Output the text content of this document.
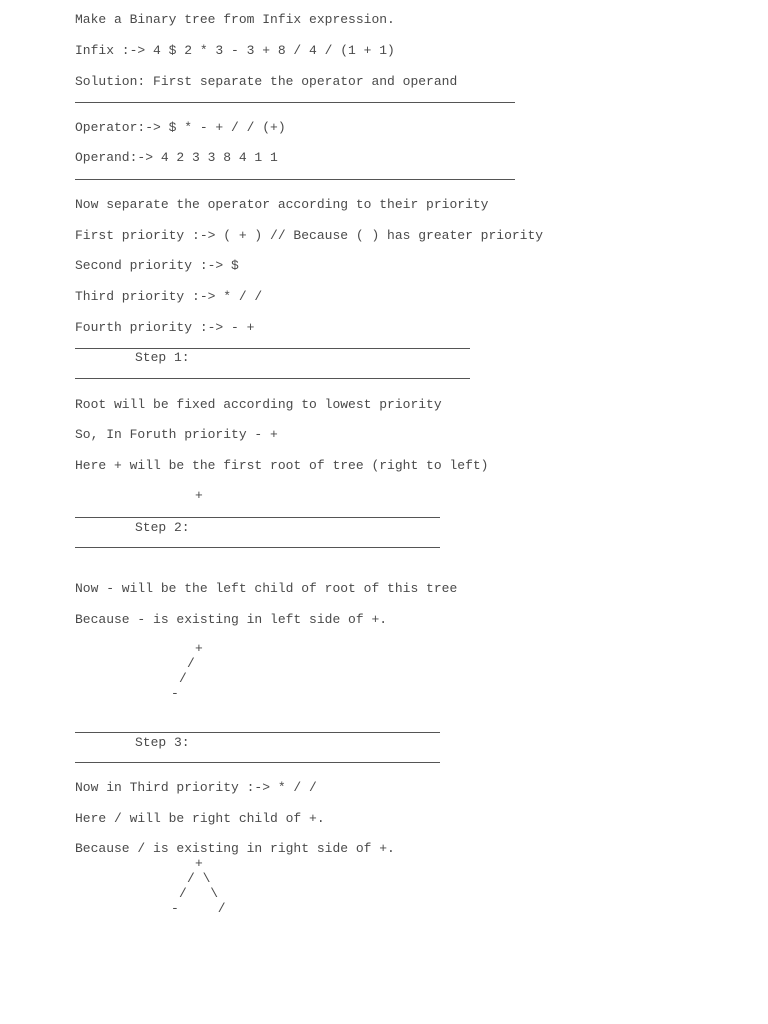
Make a Binary tree from Infix expression.
Infix :-> 4 $ 2 * 3 - 3 + 8 / 4 / (1 + 1)
Solution: First separate the operator and operand
Operator:-> $ * - + / / (+)
Operand:-> 4 2 3 3 8 4 1 1
Now separate the operator according to their priority
First priority :-> ( + ) // Because ( ) has greater priority
Second priority :-> $
Third priority :-> * / /
Fourth priority :-> - +
Step 1:
Root will be fixed according to lowest priority
So, In Foruth priority - +
Here + will be the first root of tree (right to left)
+
Step 2:
Now - will be the left child of root of this tree
Because - is existing in left side of +.
+
/
/
-
Step 3:
Now in Third priority :-> * / /
Here / will be right child of +.
Because / is existing in right side of +.
+
/ \
/   \
-     /
